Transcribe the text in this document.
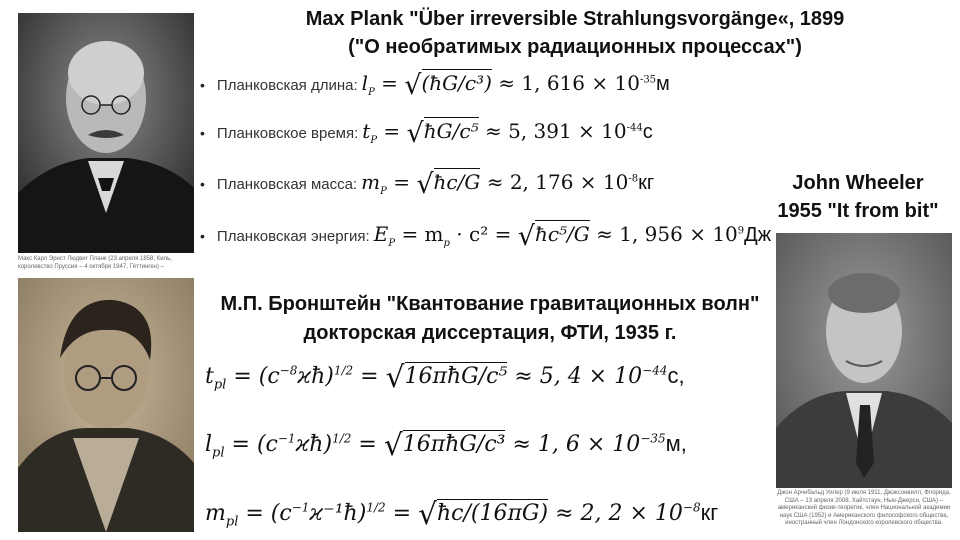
Max Plank "Über irreversible Strahlungsvorgänge«, 1899
("О необратимых радиационных процессах")
Макс Карл Эрнст Людвиг Планк (23 апреля 1858, Киль, королевство Пруссия – 4 октября 1947, Гёттинген) –
• Планковская длина: $l_P$ = √(ħG/c³) ≈ 1, $616 \times 10^{-35}м$
• Планковское время: $t_P$ = √ħG/c⁵ ≈ 5, $391 \times 10^{-44}с$
• Планковская масса: $m_P$ = √ħc/G ≈ 2, $176 \times 10^{-8}кг$
• Планковская энергия: $E_P = m_p \cdot c^2$ = √ħc⁵/G ≈ 1, $956 \times 10^9Дж$
John Wheeler
1955 "It from bit"
Джон Арчибальд Уилер (9 июля 1911, Джэксонвилл, Флорида, США – 13 апреля 2008, Хайтстаун, Нью-Джерси, США) – американский физик-теоретик, член Национальной академии наук США (1952) и Американского философского общества, иностранный член Лондонского королевского общества.
М.П. Бронштейн "Квантование гравитационных волн"
докторская диссертация, ФТИ, 1935 г.
$t_{pl}$ = $(c^{-8}ϰħ)^{1/2}$ = √16πħG/c⁵ ≈ 5, $4 \times 10^{-44}с$,
$l_{pl}$ = $(c^{-1}ϰħ)^{1/2}$ = √16πħG/c³ ≈ 1, $6 \times 10^{-35}м$,
$m_{pl}$ = $(c^{-1}ϰ^{-1}ħ)^{1/2}$ = √ħc/(16πG) ≈ 2, $2 \times 10^{-8}кг$
